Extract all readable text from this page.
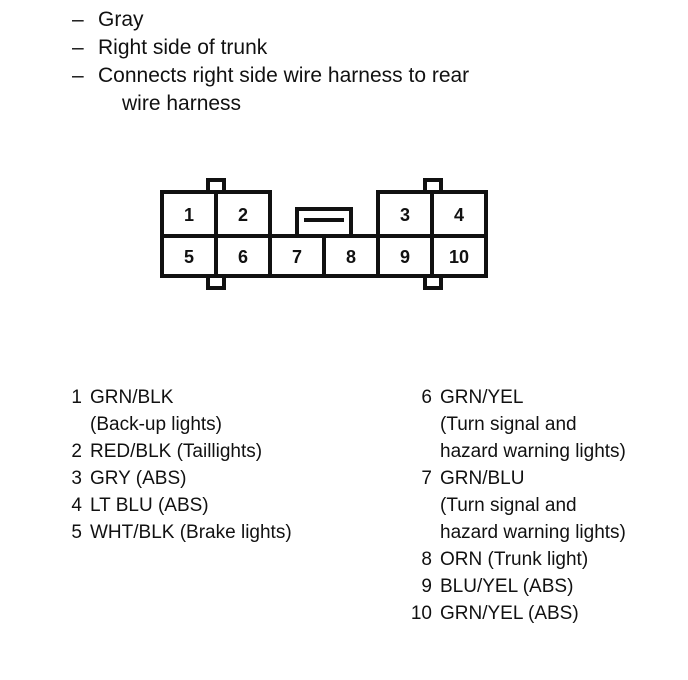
– Gray
– Right side of trunk
– Connects right side wire harness to rear
wire harness
1 2	3 4
5 6 7 8 9 10
1 GRN/BLK
(Back-up lights)
2 RED/BLK (Taillights)
3 GRY (ABS)
4 LT BLU (ABS)
5 WHT/BLK (Brake lights)
6 GRN/YEL
(Turn signal and
hazard warning lights)
7 GRN/BLU
(Turn signal and
hazard warning lights)
8 ORN (Trunk light)
9 BLU/YEL (ABS)
10 GRN/YEL (ABS)
